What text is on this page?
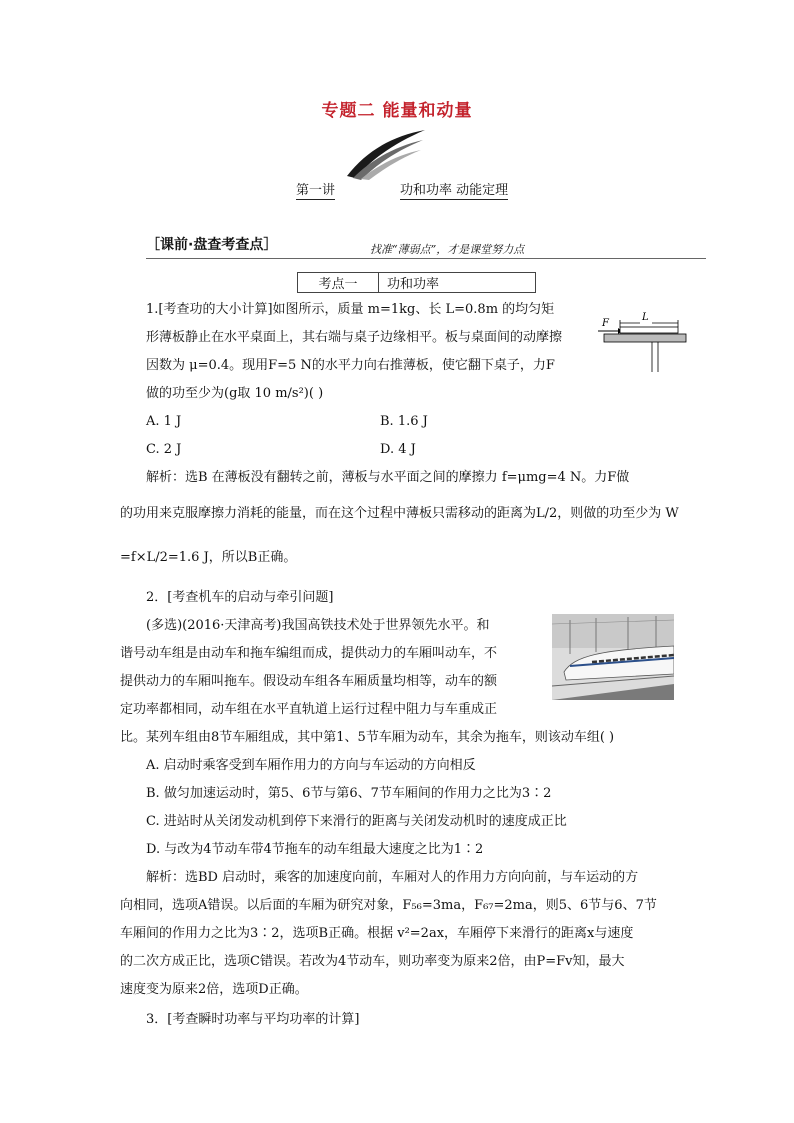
专题二 能量和动量
第一讲	功和功率 动能定理
［课前·盘查考查点］	找准“薄弱点”，才是课堂努力点
考点一	功和功率
1.[考查功的大小计算]如图所示，质量 m=1kg、长 L=0.8m 的均匀矩
形薄板静止在水平桌面上，其右端与桌子边缘相平。板与桌面间的动摩擦
因数为 μ=0.4。现用F=5 N的水平力向右推薄板，使它翻下桌子，力F
做的功至少为(g取 10 m/s²)( )
F
L
A. 1 J	B. 1.6 J
C. 2 J	D. 4 J
解析：选B 在薄板没有翻转之前，薄板与水平面之间的摩擦力 f=μmg=4 N。力F做
的功用来克服摩擦力消耗的能量，而在这个过程中薄板只需移动的距离为L/2，则做的功至少为 W
=f×L/2=1.6 J，所以B正确。
2．[考查机车的启动与牵引问题]
(多选)(2016·天津高考)我国高铁技术处于世界领先水平。和
谐号动车组是由动车和拖车编组而成，提供动力的车厢叫动车，不
提供动力的车厢叫拖车。假设动车组各车厢质量均相等，动车的额
定功率都相同，动车组在水平直轨道上运行过程中阻力与车重成正
比。某列车组由8节车厢组成，其中第1、5节车厢为动车，其余为拖车，则该动车组( )
A. 启动时乘客受到车厢作用力的方向与车运动的方向相反
B. 做匀加速运动时，第5、6节与第6、7节车厢间的作用力之比为3∶2
C. 进站时从关闭发动机到停下来滑行的距离与关闭发动机时的速度成正比
D. 与改为4节动车带4节拖车的动车组最大速度之比为1∶2
解析：选BD 启动时，乘客的加速度向前，车厢对人的作用力方向向前，与车运动的方
向相同，选项A错误。以后面的车厢为研究对象，F₅₆=3ma，F₆₇=2ma，则5、6节与6、7节
车厢间的作用力之比为3∶2，选项B正确。根据 v²=2ax，车厢停下来滑行的距离x与速度
的二次方成正比，选项C错误。若改为4节动车，则功率变为原来2倍，由P=Fv知，最大
速度变为原来2倍，选项D正确。
3．[考查瞬时功率与平均功率的计算]
